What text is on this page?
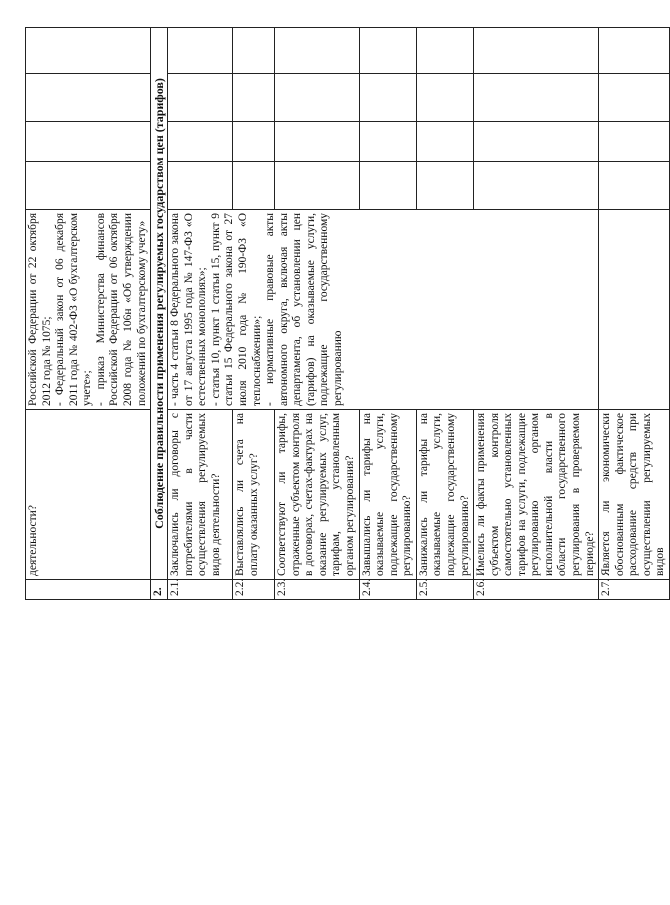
	деятельности?	Российской Федерации от 22 октября 2012 года № 1075; - Федеральный закон от 06 декабря 2011 года № 402-ФЗ «О бухгалтерском учете»; - приказ Министерства финансов Российской Федерации от 06 октября 2008 года № 106н «Об утверждении положений по бухгалтерскому учету»				

2.	Соблюдение правильности применения регулируемых государством цен (тарифов)					
2.1.	Заключались ли договоры с потребителями в части осуществления регулируемых видов деятельности?	- часть 4 статьи 8 Федерального закона от 17 августа 1995 года № 147-ФЗ «О естественных монополиях»; - статья 10, пункт 1 статьи 15, пункт 9 статьи 15 Федерального закона от 27 июля 2010 года № 190-ФЗ «О теплоснабжении»; - нормативные правовые акты автономного округа, включая акты департамента, об установлении цен (тарифов) на оказываемые услуги, подлежащие государственному регулированию				

2.2.	Выставлялись ли счета на оплату оказанных услуг?					
2.3.	Соответствуют ли тарифы, отраженные субъектом контроля в договорах, счетах-фактурах на оказание регулируемых услуг, тарифам, установленным органом регулирования?					
2.4.	Завышались ли тарифы на оказываемые услуги, подлежащие государственному регулированию?					
2.5.	Занижались ли тарифы на оказываемые услуги, подлежащие государственному регулированию?					
2.6.	Имелись ли факты применения субъектом контроля самостоятельно установленных тарифов на услуги, подлежащие регулированию органом исполнительной власти в области государственного регулирования в проверяемом периоде?					
2.7.	Является ли экономически обоснованным фактическое расходование средств при осуществлении регулируемых видов					
